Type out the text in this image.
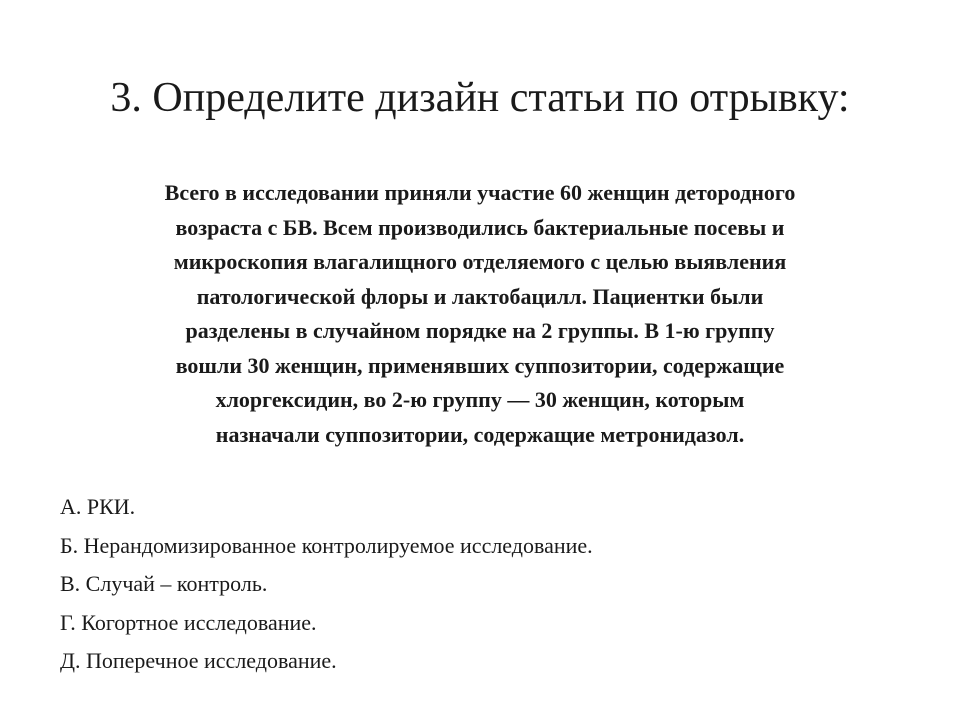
3. Определите дизайн статьи по отрывку:
Всего в исследовании приняли участие 60 женщин детородного
возраста с БВ. Всем производились бактериальные посевы и
микроскопия влагалищного отделяемого с целью выявления
патологической флоры и лактобацилл. Пациентки были
разделены в случайном порядке на 2 группы. В 1-ю группу
вошли 30 женщин, применявших суппозитории, содержащие
хлоргексидин, во 2-ю группу — 30 женщин, которым
назначали суппозитории, содержащие метронидазол.
А. РКИ.
Б. Нерандомизированное контролируемое исследование.
В. Случай – контроль.
Г. Когортное исследование.
Д. Поперечное исследование.
